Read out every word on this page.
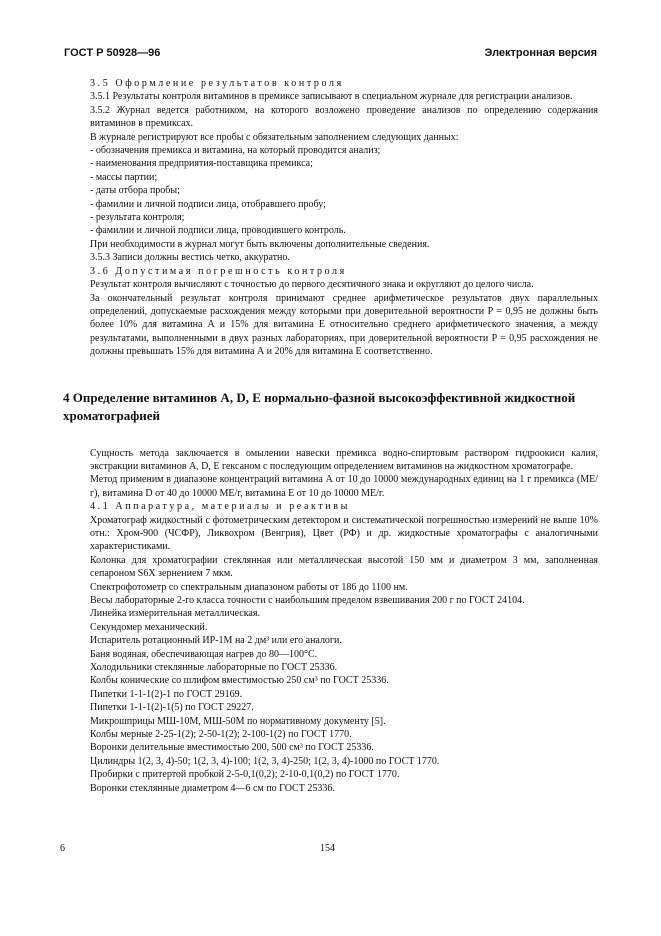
ГОСТ Р 50928—96	Электронная версия

3.5 Оформление результатов контроля

3.5.1 Результаты контроля витаминов в премиксе записывают в специальном журнале для регистрации анализов.

3.5.2 Журнал ведется работником, на которого возложено проведение анализов по определению содержания витаминов в премиксах.

В журнале регистрируют все пробы с обязательным заполнением следующих данных:

- обозначения премикса и витамина, на который проводится анализ;
- наименования предприятия-поставщика премикса;
- массы партии;
- даты отбора пробы;
- фамилии и личной подписи лица, отобравшего пробу;
- результата контроля;
- фамилии и личной подписи лица, проводившего контроль.

При необходимости в журнал могут быть включены дополнительные сведения.

3.5.3 Записи должны вестись четко, аккуратно.

3.6 Допустимая погрешность контроля

Результат контроля вычисляют с точностью до первого десятичного знака и округляют до целого числа.

За окончательный результат контроля принимают среднее арифметическое результатов двух параллельных определений, допускаемые расхождения между которыми при доверительной вероятности P = 0,95 не должны быть более 10% для витамина А и 15% для витамина Е относительно среднего арифметического значения, а между результатами, выполненными в двух разных лабораториях, при доверительной вероятности P = 0,95 расхождения не должны превышать 15% для витамина А и 20% для витамина Е соответственно.

4 Определение витаминов А, D, Е нормально-фазной высокоэффективной жидкостной хроматографией

Сущность метода заключается в омылении навески премикса водно-спиртовым раствором гидроокиси калия, экстракции витаминов А, D, Е гексаном с последующим определением витаминов на жидкостном хроматографе.

Метод применим в диапазоне концентраций витамина А от 10 до 10000 международных единиц на 1 г премикса (МЕ/г), витамина D от 40 до 10000 МЕ/г, витамина Е от 10 до 10000 МЕ/г.

4.1 Аппаратура, материалы и реактивы

Хроматограф жидкостный с фотометрическим детектором и систематической погрешностью измерений не выше 10% отн.: Хром-900 (ЧСФР), Ликвохром (Венгрия), Цвет (РФ) и др. жидкостные хроматографы с аналогичными характеристиками.
Колонка для хроматографии стеклянная или металлическая высотой 150 мм и диаметром 3 мм, заполненная сепароном S6X зернением 7 мкм.
Спектрофотометр со спектральным диапазоном работы от 186 до 1100 нм.
Весы лабораторные 2-го класса точности с наибольшим пределом взвешивания 200 г по ГОСТ 24104.
Линейка измерительная металлическая.
Секундомер механический.
Испаритель ротационный ИР-1М на 2 дм³ или его аналоги.
Баня водяная, обеспечивающая нагрев до 80—100°С.
Холодильники стеклянные лабораторные по ГОСТ 25336.
Колбы конические со шлифом вместимостью 250 см³ по ГОСТ 25336.
Пипетки 1-1-1(2)-1 по ГОСТ 29169.
Пипетки 1-1-1(2)-1(5) по ГОСТ 29227.
Микрошприцы МШ-10М, МШ-50М по нормативному документу [5].
Колбы мерные 2-25-1(2); 2-50-1(2); 2-100-1(2) по ГОСТ 1770.
Воронки делительные вместимостью 200, 500 см³ по ГОСТ 25336.
Цилиндры 1(2, 3, 4)-50; 1(2, 3, 4)-100; 1(2, 3, 4)-250; 1(2, 3, 4)-1000 по ГОСТ 1770.
Пробирки с притертой пробкой 2-5-0,1(0,2); 2-10-0,1(0,2) по ГОСТ 1770.
Воронки стеклянные диаметром 4—6 см по ГОСТ 25336.
6	154
